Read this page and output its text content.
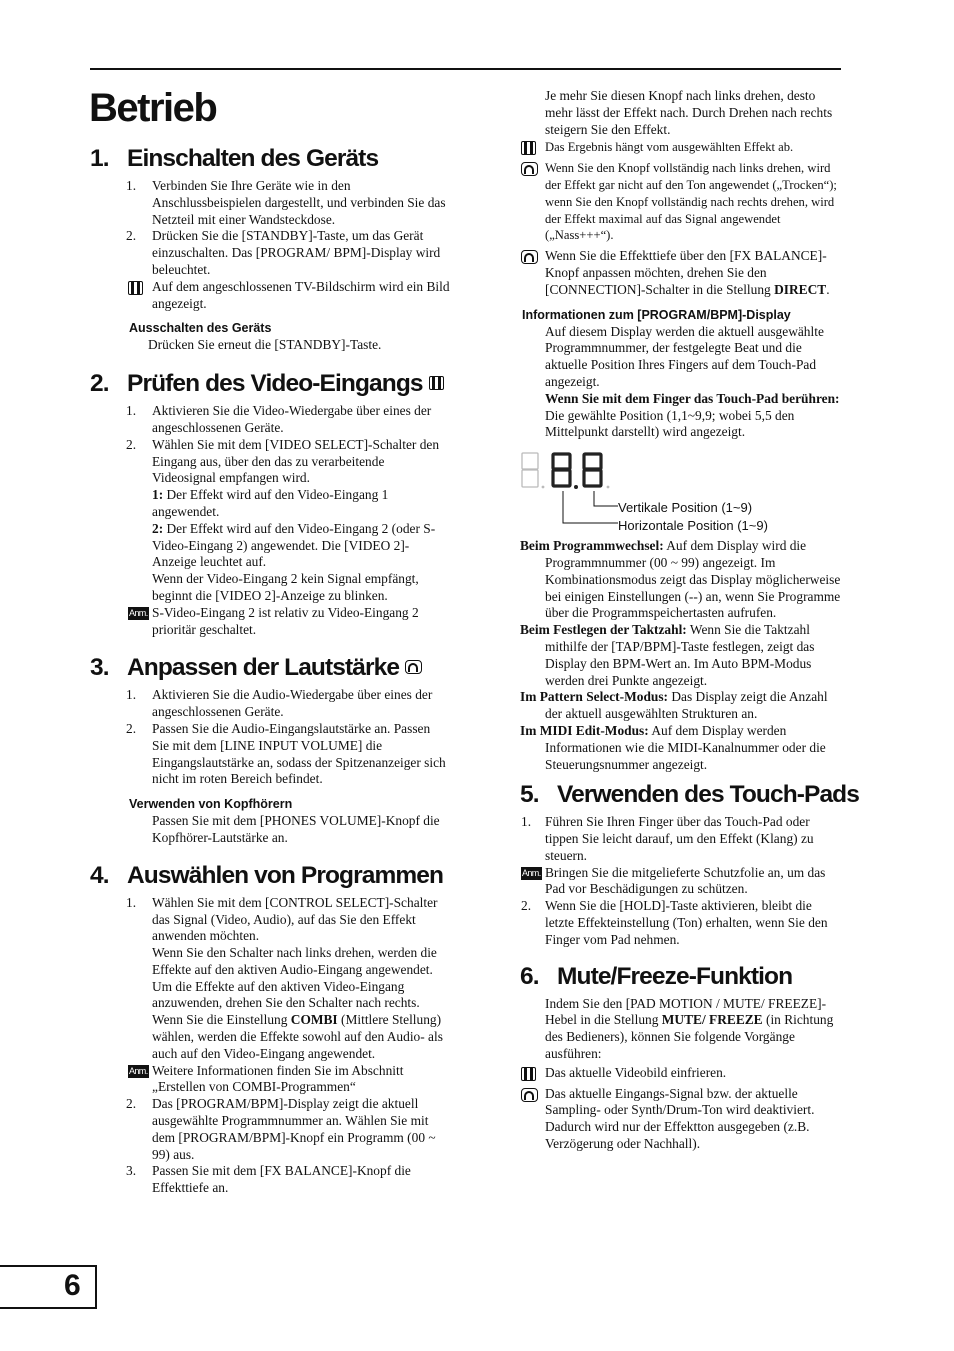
Betrieb
1. Einschalten des Geräts
1. Verbinden Sie Ihre Geräte wie in den Anschlussbeispielen dargestellt, und verbinden Sie das Netzteil mit einer Wandsteckdose.
2. Drücken Sie die [STANDBY]-Taste, um das Gerät einzuschalten. Das [PROGRAM/ BPM]-Display wird beleuchtet.
Auf dem angeschlossenen TV-Bildschirm wird ein Bild angezeigt.
Ausschalten des Geräts
Drücken Sie erneut die [STANDBY]-Taste.
2. Prüfen des Video-Eingangs
1. Aktivieren Sie die Video-Wiedergabe über eines der angeschlossenen Geräte.
2. Wählen Sie mit dem [VIDEO SELECT]-Schalter den Eingang aus, über den das zu verarbeitende Videosignal empfangen wird.
1: Der Effekt wird auf den Video-Eingang 1 angewendet.
2: Der Effekt wird auf den Video-Eingang 2 (oder S-Video-Eingang 2) angewendet. Die [VIDEO 2]-Anzeige leuchtet auf.
Wenn der Video-Eingang 2 kein Signal empfängt, beginnt die [VIDEO 2]-Anzeige zu blinken.
Anm. S-Video-Eingang 2 ist relativ zu Video-Eingang 2 prioritär geschaltet.
3. Anpassen der Lautstärke
1. Aktivieren Sie die Audio-Wiedergabe über eines der angeschlossenen Geräte.
2. Passen Sie die Audio-Eingangslautstärke an. Passen Sie mit dem [LINE INPUT VOLUME] die Eingangslautstärke an, sodass der Spitzenanzeiger sich nicht im roten Bereich befindet.
Verwenden von Kopfhörern
Passen Sie mit dem [PHONES VOLUME]-Knopf die Kopfhörer-Lautstärke an.
4. Auswählen von Programmen
1. Wählen Sie mit dem [CONTROL SELECT]-Schalter das Signal (Video, Audio), auf das Sie den Effekt anwenden möchten.
Wenn Sie den Schalter nach links drehen, werden die Effekte auf den aktiven Audio-Eingang angewendet. Um die Effekte auf den aktiven Video-Eingang anzuwenden, drehen Sie den Schalter nach rechts. Wenn Sie die Einstellung COMBI (Mittlere Stellung) wählen, werden die Effekte sowohl auf den Audio- als auch auf den Video-Eingang angewendet.
Anm. Weitere Informationen finden Sie im Abschnitt „Erstellen von COMBI-Programmen“
2. Das [PROGRAM/BPM]-Display zeigt die aktuell ausgewählte Programmnummer an. Wählen Sie mit dem [PROGRAM/BPM]-Knopf ein Programm (00 ~ 99) aus.
3. Passen Sie mit dem [FX BALANCE]-Knopf die Effekttiefe an.
Je mehr Sie diesen Knopf nach links drehen, desto mehr lässt der Effekt nach. Durch Drehen nach rechts steigern Sie den Effekt.
Das Ergebnis hängt vom ausgewählten Effekt ab.
Wenn Sie den Knopf vollständig nach links drehen, wird der Effekt gar nicht auf den Ton angewendet („Trocken“); wenn Sie den Knopf vollständig nach rechts drehen, wird der Effekt maximal auf das Signal angewendet („Nass+++“).
Wenn Sie die Effekttiefe über den [FX BALANCE]-Knopf anpassen möchten, drehen Sie den [CONNECTION]-Schalter in die Stellung DIRECT.
Informationen zum [PROGRAM/BPM]-Display
Auf diesem Display werden die aktuell ausgewählte Programmnummer, der festgelegte Beat und die aktuelle Position Ihres Fingers auf dem Touch-Pad angezeigt.
Wenn Sie mit dem Finger das Touch-Pad berühren: Die gewählte Position (1,1~9,9; wobei 5,5 den Mittelpunkt darstellt) wird angezeigt.
Vertikale Position (1~9)
Horizontale Position (1~9)
Beim Programmwechsel: Auf dem Display wird die Programmnummer (00 ~ 99) angezeigt. Im Kombinationsmodus zeigt das Display möglicherweise bei einigen Einstellungen (--) an, wenn Sie Programme über die Programmspeichertasten aufrufen.
Beim Festlegen der Taktzahl: Wenn Sie die Taktzahl mithilfe der [TAP/BPM]-Taste festlegen, zeigt das Display den BPM-Wert an. Im Auto BPM-Modus werden drei Punkte angezeigt.
Im Pattern Select-Modus: Das Display zeigt die Anzahl der aktuell ausgewählten Strukturen an.
Im MIDI Edit-Modus: Auf dem Display werden Informationen wie die MIDI-Kanalnummer oder die Steuerungsnummer angezeigt.
5. Verwenden des Touch-Pads
1. Führen Sie Ihren Finger über das Touch-Pad oder tippen Sie leicht darauf, um den Effekt (Klang) zu steuern.
Anm. Bringen Sie die mitgelieferte Schutzfolie an, um das Pad vor Beschädigungen zu schützen.
2. Wenn Sie die [HOLD]-Taste aktivieren, bleibt die letzte Effekteinstellung (Ton) erhalten, wenn Sie den Finger vom Pad nehmen.
6. Mute/Freeze-Funktion
Indem Sie den [PAD MOTION / MUTE/ FREEZE]-Hebel in die Stellung MUTE/ FREEZE (in Richtung des Bedieners), können Sie folgende Vorgänge ausführen:
Das aktuelle Videobild einfrieren.
Das aktuelle Eingangs-Signal bzw. der aktuelle Sampling- oder Synth/Drum-Ton wird deaktiviert. Dadurch wird nur der Effektton ausgegeben (z.B. Verzögerung oder Nachhall).
6
